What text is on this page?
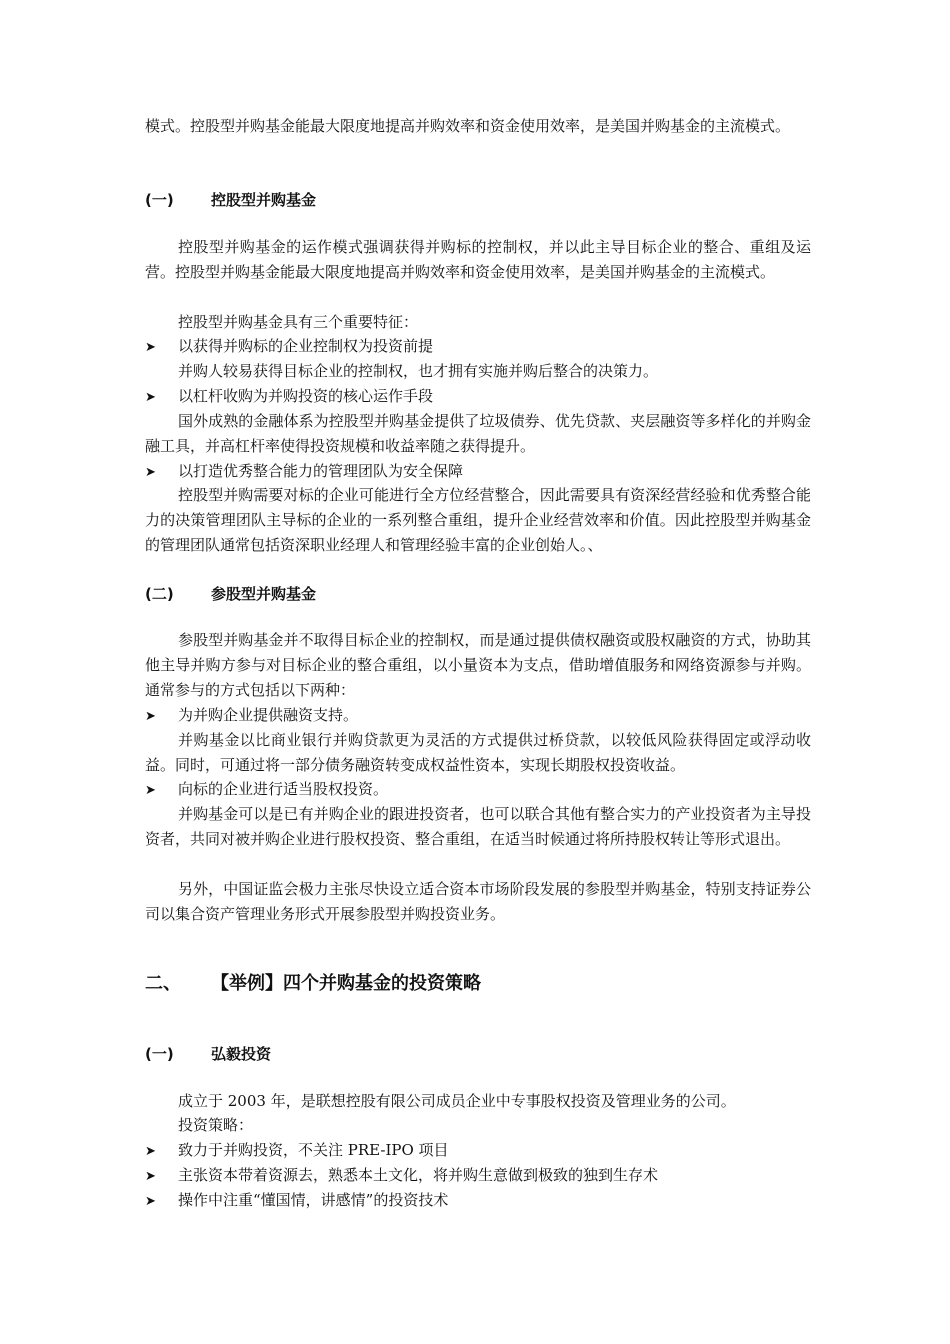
模式。控股型并购基金能最大限度地提高并购效率和资金使用效率，是美国并购基金的主流模式。

(一) 控股型并购基金

控股型并购基金的运作模式强调获得并购标的控制权，并以此主导目标企业的整合、重组及运营。控股型并购基金能最大限度地提高并购效率和资金使用效率，是美国并购基金的主流模式。

控股型并购基金具有三个重要特征：

➤ 以获得并购标的企业控制权为投资前提

并购人较易获得目标企业的控制权，也才拥有实施并购后整合的决策力。

➤ 以杠杆收购为并购投资的核心运作手段

国外成熟的金融体系为控股型并购基金提供了垃圾债券、优先贷款、夹层融资等多样化的并购金融工具，并高杠杆率使得投资规模和收益率随之获得提升。

➤ 以打造优秀整合能力的管理团队为安全保障

控股型并购需要对标的企业可能进行全方位经营整合，因此需要具有资深经营经验和优秀整合能力的决策管理团队主导标的企业的一系列整合重组，提升企业经营效率和价值。因此控股型并购基金的管理团队通常包括资深职业经理人和管理经验丰富的企业创始人。、

(二) 参股型并购基金

参股型并购基金并不取得目标企业的控制权，而是通过提供债权融资或股权融资的方式，协助其他主导并购方参与对目标企业的整合重组，以小量资本为支点，借助增值服务和网络资源参与并购。通常参与的方式包括以下两种：

➤ 为并购企业提供融资支持。

并购基金以比商业银行并购贷款更为灵活的方式提供过桥贷款，以较低风险获得固定或浮动收益。同时，可通过将一部分债务融资转变成权益性资本，实现长期股权投资收益。

➤ 向标的企业进行适当股权投资。

并购基金可以是已有并购企业的跟进投资者，也可以联合其他有整合实力的产业投资者为主导投资者，共同对被并购企业进行股权投资、整合重组，在适当时候通过将所持股权转让等形式退出。

另外，中国证监会极力主张尽快设立适合资本市场阶段发展的参股型并购基金，特别支持证券公司以集合资产管理业务形式开展参股型并购投资业务。

二、 【举例】四个并购基金的投资策略
(一) 弘毅投资

成立于 2003 年，是联想控股有限公司成员企业中专事股权投资及管理业务的公司。

投资策略：

➤ 致力于并购投资，不关注 PRE-IPO 项目

➤ 主张资本带着资源去，熟悉本土文化，将并购生意做到极致的独到生存术

➤ 操作中注重“懂国情，讲感情”的投资技术
